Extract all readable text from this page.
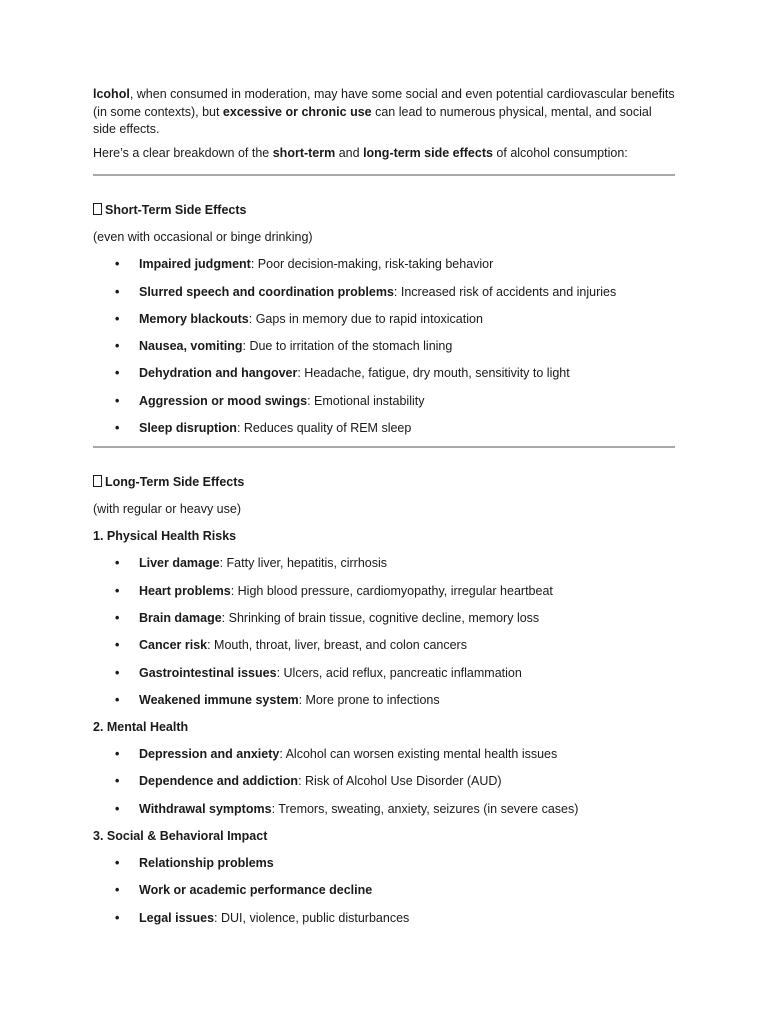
lcohol, when consumed in moderation, may have some social and even potential cardiovascular benefits (in some contexts), but excessive or chronic use can lead to numerous physical, mental, and social side effects.

Here’s a clear breakdown of the short-term and long-term side effects of alcohol consumption:

Short-Term Side Effects
(even with occasional or binge drinking)
• Impaired judgment: Poor decision-making, risk-taking behavior
• Slurred speech and coordination problems: Increased risk of accidents and injuries
• Memory blackouts: Gaps in memory due to rapid intoxication
• Nausea, vomiting: Due to irritation of the stomach lining
• Dehydration and hangover: Headache, fatigue, dry mouth, sensitivity to light
• Aggression or mood swings: Emotional instability
• Sleep disruption: Reduces quality of REM sleep
Long-Term Side Effects
(with regular or heavy use)
1. Physical Health Risks
• Liver damage: Fatty liver, hepatitis, cirrhosis
• Heart problems: High blood pressure, cardiomyopathy, irregular heartbeat
• Brain damage: Shrinking of brain tissue, cognitive decline, memory loss
• Cancer risk: Mouth, throat, liver, breast, and colon cancers
• Gastrointestinal issues: Ulcers, acid reflux, pancreatic inflammation
• Weakened immune system: More prone to infections
2. Mental Health
• Depression and anxiety: Alcohol can worsen existing mental health issues
• Dependence and addiction: Risk of Alcohol Use Disorder (AUD)
• Withdrawal symptoms: Tremors, sweating, anxiety, seizures (in severe cases)
3. Social & Behavioral Impact
• Relationship problems
• Work or academic performance decline
• Legal issues: DUI, violence, public disturbances
